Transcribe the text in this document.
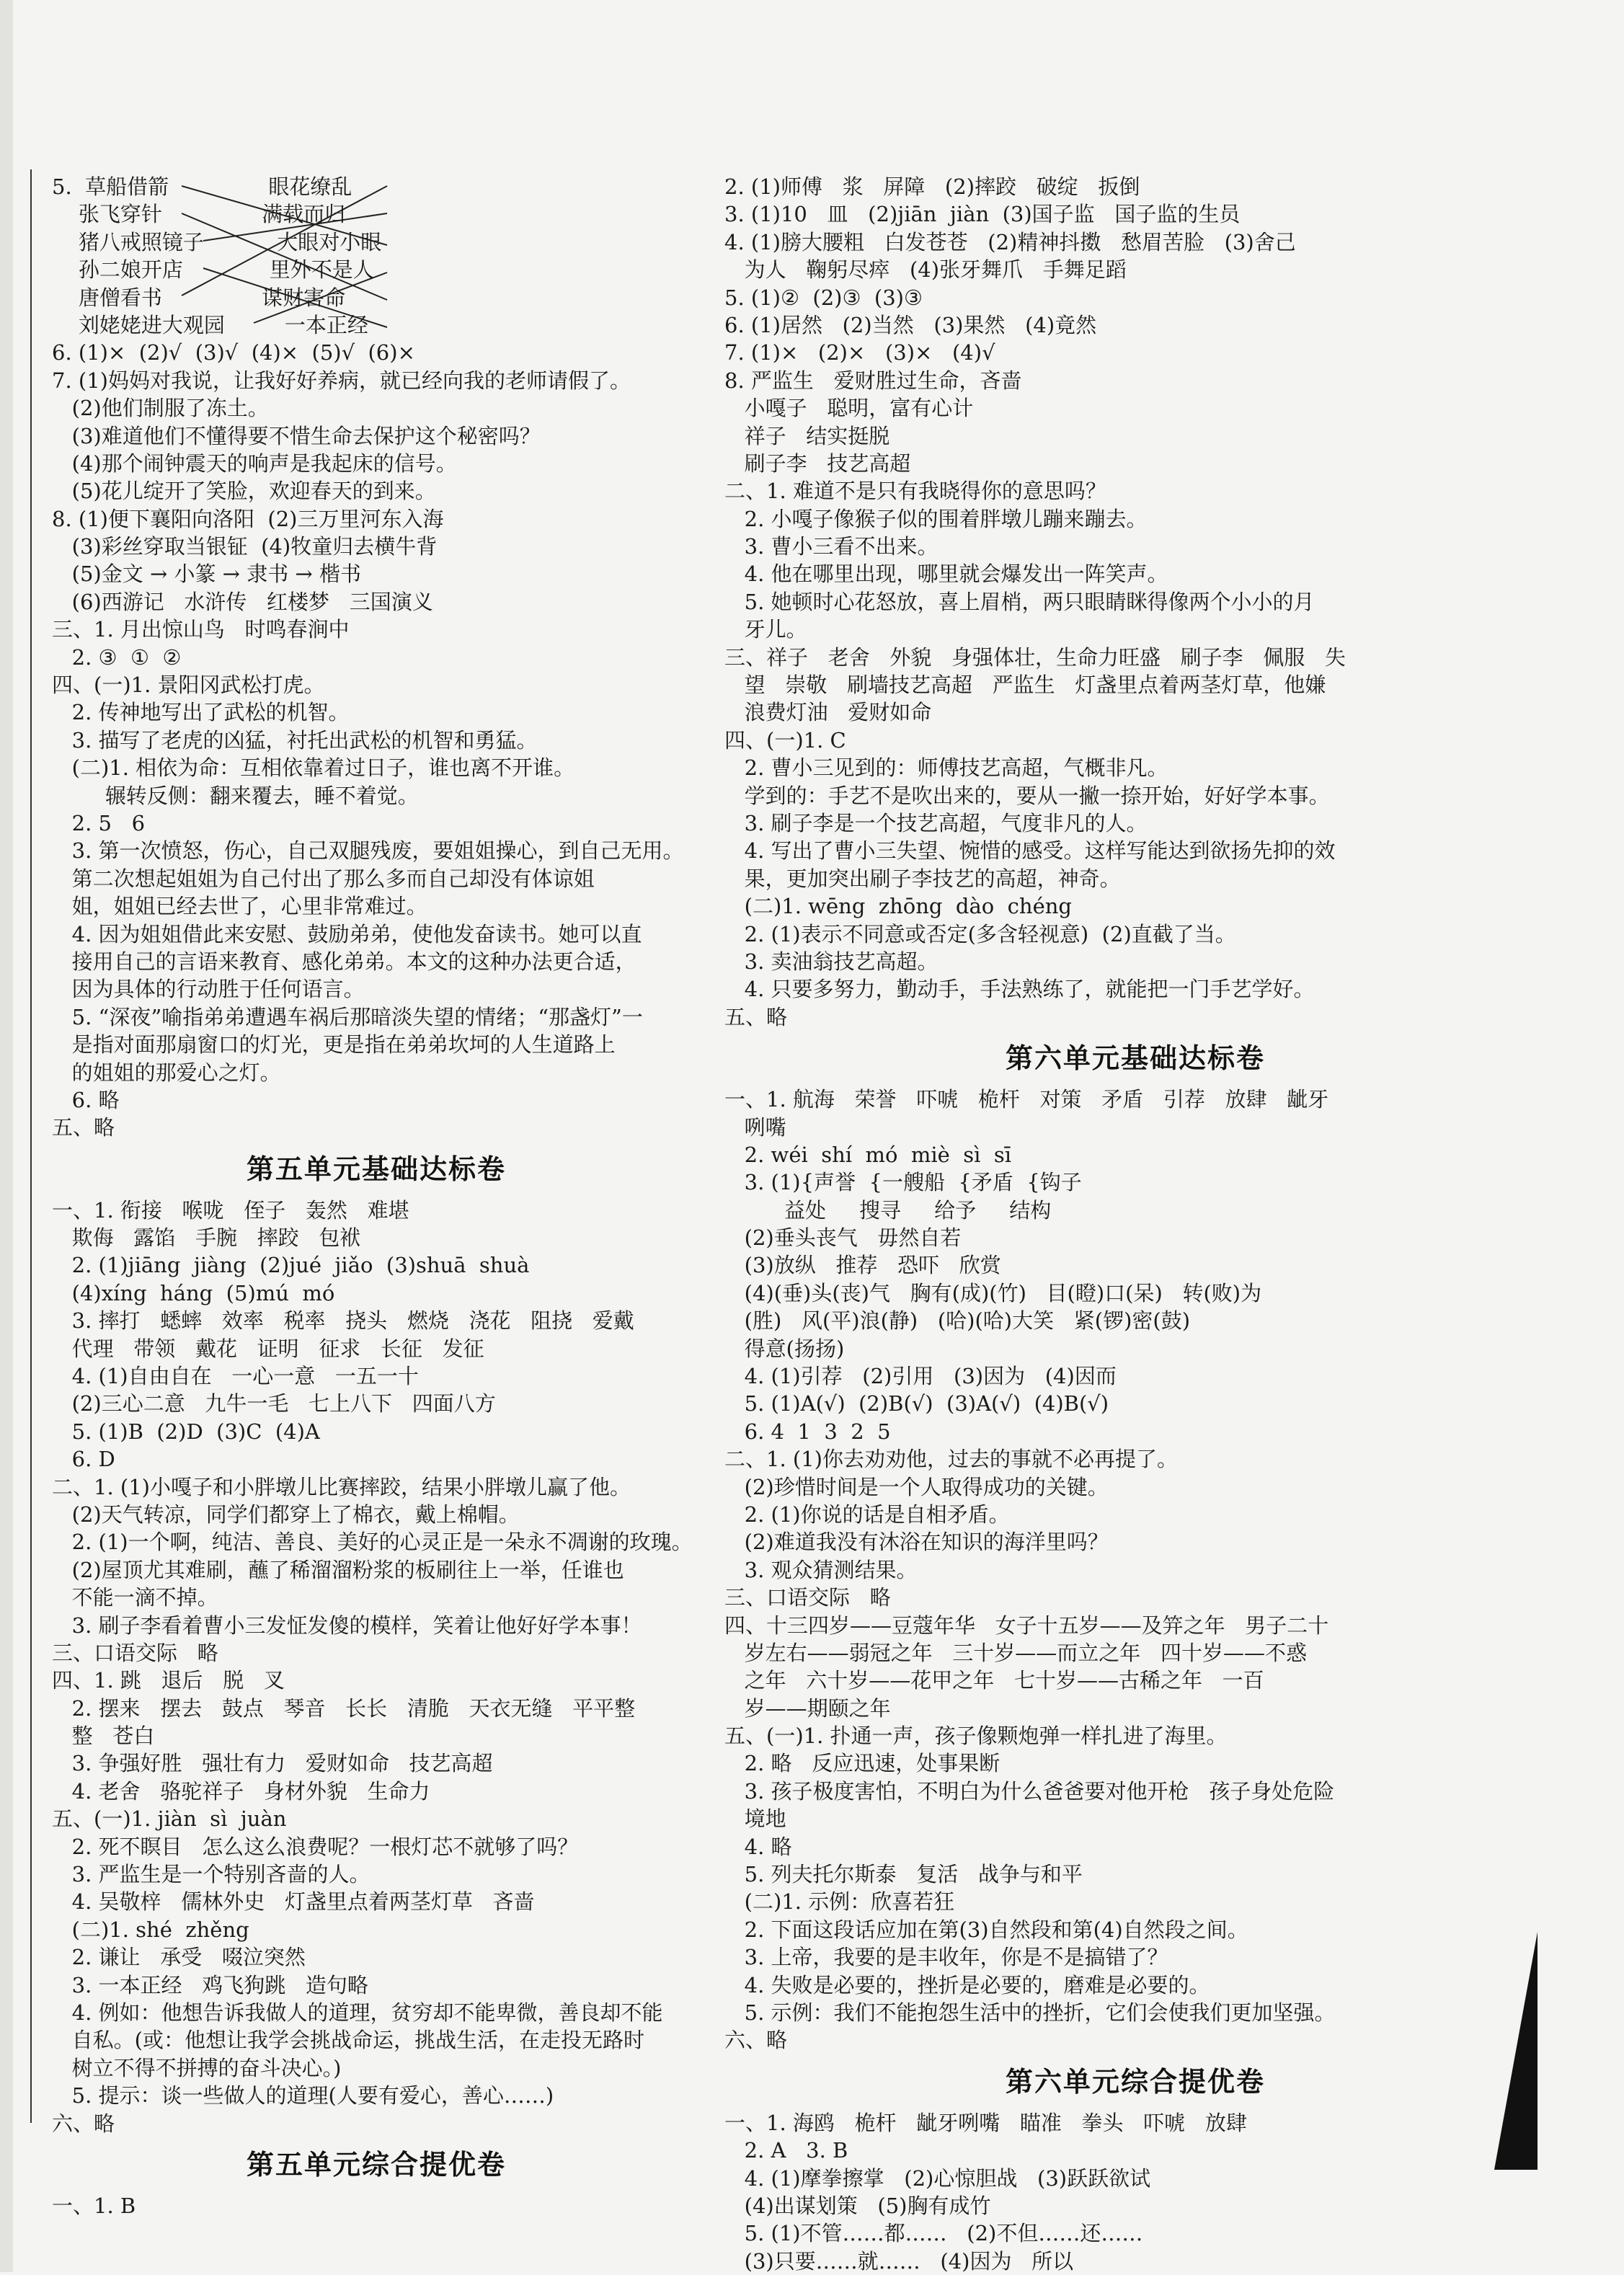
5.  草船借箭               眼花缭乱
张飞穿针               满载而归
猪八戒照镜子           大眼对小眼
孙二娘开店             里外不是人
唐僧看书               谋财害命
刘姥姥进大观园         一本正经
6. (1)×  (2)√  (3)√  (4)×  (5)√  (6)×
7. (1)妈妈对我说，让我好好养病，就已经向我的老师请假了。
(2)他们制服了冻土。
(3)难道他们不懂得要不惜生命去保护这个秘密吗？
(4)那个闹钟震天的响声是我起床的信号。
(5)花儿绽开了笑脸，欢迎春天的到来。
8. (1)便下襄阳向洛阳  (2)三万里河东入海
(3)彩丝穿取当银钲  (4)牧童归去横牛背
(5)金文 → 小篆 → 隶书 → 楷书
(6)西游记   水浒传   红楼梦   三国演义
三、1. 月出惊山鸟   时鸣春涧中
2. ③  ①  ②
四、(一)1. 景阳冈武松打虎。
2. 传神地写出了武松的机智。
3. 描写了老虎的凶猛，衬托出武松的机智和勇猛。
(二)1. 相依为命：互相依靠着过日子，谁也离不开谁。
辗转反侧：翻来覆去，睡不着觉。
2. 5   6
3. 第一次愤怒，伤心，自己双腿残废，要姐姐操心，到自己无用。
第二次想起姐姐为自己付出了那么多而自己却没有体谅姐
姐，姐姐已经去世了，心里非常难过。
4. 因为姐姐借此来安慰、鼓励弟弟，使他发奋读书。她可以直
接用自己的言语来教育、感化弟弟。本文的这种办法更合适，
因为具体的行动胜于任何语言。
5. “深夜”喻指弟弟遭遇车祸后那暗淡失望的情绪；“那盏灯”一
是指对面那扇窗口的灯光，更是指在弟弟坎坷的人生道路上
的姐姐的那爱心之灯。
6. 略
五、略
第五单元基础达标卷
一、1. 衔接   喉咙   侄子   轰然   难堪
欺侮   露馅   手腕   摔跤   包袱
2. (1)jiāng  jiàng  (2)jué  jiǎo  (3)shuā  shuà
(4)xíng  háng  (5)mú  mó
3. 摔打   蟋蟀   效率   税率   挠头   燃烧   浇花   阻挠   爱戴
代理   带领   戴花   证明   征求   长征   发征
4. (1)自由自在   一心一意   一五一十
(2)三心二意   九牛一毛   七上八下   四面八方
5. (1)B  (2)D  (3)C  (4)A
6. D
二、1. (1)小嘎子和小胖墩儿比赛摔跤，结果小胖墩儿赢了他。
(2)天气转凉，同学们都穿上了棉衣，戴上棉帽。
2. (1)一个啊，纯洁、善良、美好的心灵正是一朵永不凋谢的玫瑰。
(2)屋顶尤其难刷，蘸了稀溜溜粉浆的板刷往上一举，任谁也
不能一滴不掉。
3. 刷子李看着曹小三发怔发傻的模样，笑着让他好好学本事！
三、口语交际   略
四、1. 跳   退后   脱   叉
2. 摆来   摆去   鼓点   琴音   长长   清脆   天衣无缝   平平整
整   苍白
3. 争强好胜   强壮有力   爱财如命   技艺高超
4. 老舍   骆驼祥子   身材外貌   生命力
五、(一)1. jiàn  sì  juàn
2. 死不瞑目   怎么这么浪费呢？一根灯芯不就够了吗？
3. 严监生是一个特别吝啬的人。
4. 吴敬梓   儒林外史   灯盏里点着两茎灯草   吝啬
(二)1. shé  zhěng
2. 谦让   承受   啜泣突然
3. 一本正经   鸡飞狗跳   造句略
4. 例如：他想告诉我做人的道理，贫穷却不能卑微，善良却不能
自私。(或：他想让我学会挑战命运，挑战生活，在走投无路时
树立不得不拼搏的奋斗决心。)
5. 提示：谈一些做人的道理(人要有爱心，善心……)
六、略
第五单元综合提优卷
一、1. B
2. (1)师傅   浆   屏障   (2)摔跤   破绽   扳倒
3. (1)10   皿   (2)jiān  jiàn  (3)国子监   国子监的生员
4. (1)膀大腰粗   白发苍苍   (2)精神抖擞   愁眉苦脸   (3)舍己
为人   鞠躬尽瘁   (4)张牙舞爪   手舞足蹈
5. (1)②  (2)③  (3)③
6. (1)居然   (2)当然   (3)果然   (4)竟然
7. (1)×   (2)×   (3)×   (4)√
8. 严监生   爱财胜过生命，吝啬
小嘎子   聪明，富有心计
祥子   结实挺脱
刷子李   技艺高超
二、1. 难道不是只有我晓得你的意思吗？
2. 小嘎子像猴子似的围着胖墩儿蹦来蹦去。
3. 曹小三看不出来。
4. 他在哪里出现，哪里就会爆发出一阵笑声。
5. 她顿时心花怒放，喜上眉梢，两只眼睛眯得像两个小小的月
牙儿。
三、祥子   老舍   外貌   身强体壮，生命力旺盛   刷子李   佩服   失
望   崇敬   刷墙技艺高超   严监生   灯盏里点着两茎灯草，他嫌
浪费灯油   爱财如命
四、(一)1. C
2. 曹小三见到的：师傅技艺高超，气概非凡。
学到的：手艺不是吹出来的，要从一撇一捺开始，好好学本事。
3. 刷子李是一个技艺高超，气度非凡的人。
4. 写出了曹小三失望、惋惜的感受。这样写能达到欲扬先抑的效
果，更加突出刷子李技艺的高超，神奇。
(二)1. wēng  zhōng  dào  chéng
2. (1)表示不同意或否定(多含轻视意)  (2)直截了当。
3. 卖油翁技艺高超。
4. 只要多努力，勤动手，手法熟练了，就能把一门手艺学好。
五、略
第六单元基础达标卷
一、1. 航海   荣誉   吓唬   桅杆   对策   矛盾   引荐   放肆   龇牙
咧嘴
2. wéi  shí  mó  miè  sì  sī
3. (1){声誉  {一艘船  {矛盾  {钩子
益处     搜寻     给予     结构
(2)垂头丧气   毋然自若
(3)放纵   推荐   恐吓   欣赏
(4)(垂)头(丧)气   胸有(成)(竹)   目(瞪)口(呆)   转(败)为
(胜)   风(平)浪(静)   (哈)(哈)大笑   紧(锣)密(鼓)
得意(扬扬)
4. (1)引荐   (2)引用   (3)因为   (4)因而
5. (1)A(√)  (2)B(√)  (3)A(√)  (4)B(√)
6. 4  1  3  2  5
二、1. (1)你去劝劝他，过去的事就不必再提了。
(2)珍惜时间是一个人取得成功的关键。
2. (1)你说的话是自相矛盾。
(2)难道我没有沐浴在知识的海洋里吗？
3. 观众猜测结果。
三、口语交际   略
四、十三四岁——豆蔻年华   女子十五岁——及笄之年   男子二十
岁左右——弱冠之年   三十岁——而立之年   四十岁——不惑
之年   六十岁——花甲之年   七十岁——古稀之年   一百
岁——期颐之年
五、(一)1. 扑通一声，孩子像颗炮弹一样扎进了海里。
2. 略   反应迅速，处事果断
3. 孩子极度害怕，不明白为什么爸爸要对他开枪   孩子身处危险
境地
4. 略
5. 列夫托尔斯泰   复活   战争与和平
(二)1. 示例：欣喜若狂
2. 下面这段话应加在第(3)自然段和第(4)自然段之间。
3. 上帝，我要的是丰收年，你是不是搞错了？
4. 失败是必要的，挫折是必要的，磨难是必要的。
5. 示例：我们不能抱怨生活中的挫折，它们会使我们更加坚强。
六、略
第六单元综合提优卷
一、1. 海鸥   桅杆   龇牙咧嘴   瞄准   拳头   吓唬   放肆
2. A   3. B
4. (1)摩拳擦掌   (2)心惊胆战   (3)跃跃欲试
(4)出谋划策   (5)胸有成竹
5. (1)不管……都……   (2)不但……还……
(3)只要……就……   (4)因为   所以
